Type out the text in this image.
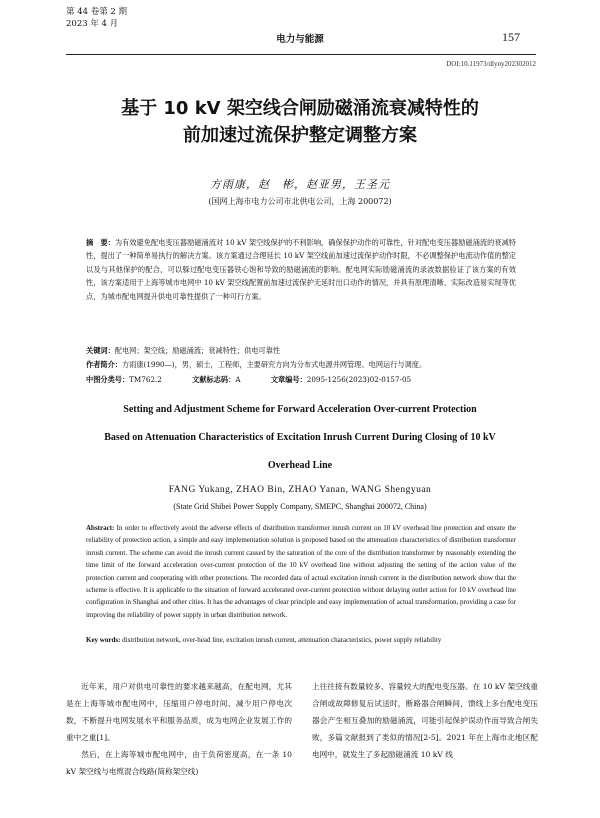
第 44 卷第 2 期
2023 年 4 月
电力与能源	157
DOI:10.11973/dlyny202302012
基于 10 kV 架空线合闸励磁涌流衰减特性的
前加速过流保护整定调整方案
方雨康，赵　彬，赵亚男，王圣元
(国网上海市电力公司市北供电公司，上海 200072)
摘　要：为有效避免配电变压器励磁涌流对 10 kV 架空线保护的不利影响，确保保护动作的可靠性，针对配电变压器励磁涌流的衰减特性，提出了一种简单易执行的解决方案。该方案通过合理延长 10 kV 架空线前加速过流保护动作时限，不必调整保护电流动作值的整定以及与其他保护的配合，可以躲过配电变压器铁心饱和导致的励磁涌流的影响。配电网实际励磁涌流的录波数据验证了该方案的有效性，该方案适用于上海等城市电网中 10 kV 架空线配置前加速过流保护无延时出口动作的情况，并具有原理清晰、实际改造易实现等优点，为城市配电网提升供电可靠性提供了一种可行方案。
关键词：配电网；架空线；励磁涌流；衰减特性；供电可靠性
作者简介：方雨康(1990—)，男，硕士，工程师，主要研究方向为分布式电源并网管理、电网运行与调度。
中图分类号：TM762.2	文献标志码：A	文章编号：2095-1256(2023)02-0157-05
Setting and Adjustment Scheme for Forward Acceleration Over-current Protection
Based on Attenuation Characteristics of Excitation Inrush Current During Closing of 10 kV
Overhead Line
FANG Yukang, ZHAO Bin, ZHAO Yanan, WANG Shengyuan
(State Grid Shibei Power Supply Company, SMEPC, Shanghai 200072, China)
Abstract: In order to effectively avoid the adverse effects of distribution transformer inrush current on 10 kV overhead line protection and ensure the reliability of protection action, a simple and easy implementation solution is proposed based on the attenuation characteristics of distribution transformer inrush current. The scheme can avoid the inrush current caused by the saturation of the core of the distribution transformer by reasonably extending the time limit of the forward acceleration over-current protection of the 10 kV overhead line without adjusting the setting of the action value of the protection current and cooperating with other protections. The recorded data of actual excitation inrush current in the distribution network show that the scheme is effective. It is applicable to the situation of forward accelerated over-current protection without delaying outlet action for 10 kV overhead line configuration in Shanghai and other cities. It has the advantages of clear principle and easy implementation of actual transformation, providing a case for improving the reliability of power supply in urban distribution network.
Key words: distribution network, over-head line, excitation inrush current, attenuation characteristics, power supply reliability

近年来，用户对供电可靠性的要求越来越高，在配电网，尤其是在上海等城市配电网中，压缩用户停电时间、减少用户停电次数，不断提升电网发展水平和服务品质，成为电网企业发展工作的重中之重[1]。

然后，在上海等城市配电网中，由于负荷密度高，在一条 10 kV 架空线与电缆混合线路(简称架空线)

上往往接有数量较多、容量较大的配电变压器。在 10 kV 架空线重合闸或故障修复后试送时，断路器合闸瞬间，馈线上多台配电变压器会产生相互叠加的励磁涌流，可能引起保护误动作而导致合闸失败，多篇文献报到了类似的情况[2-5]。2021 年在上海市北地区配电网中，就发生了多起励磁涌流 10 kV 线
